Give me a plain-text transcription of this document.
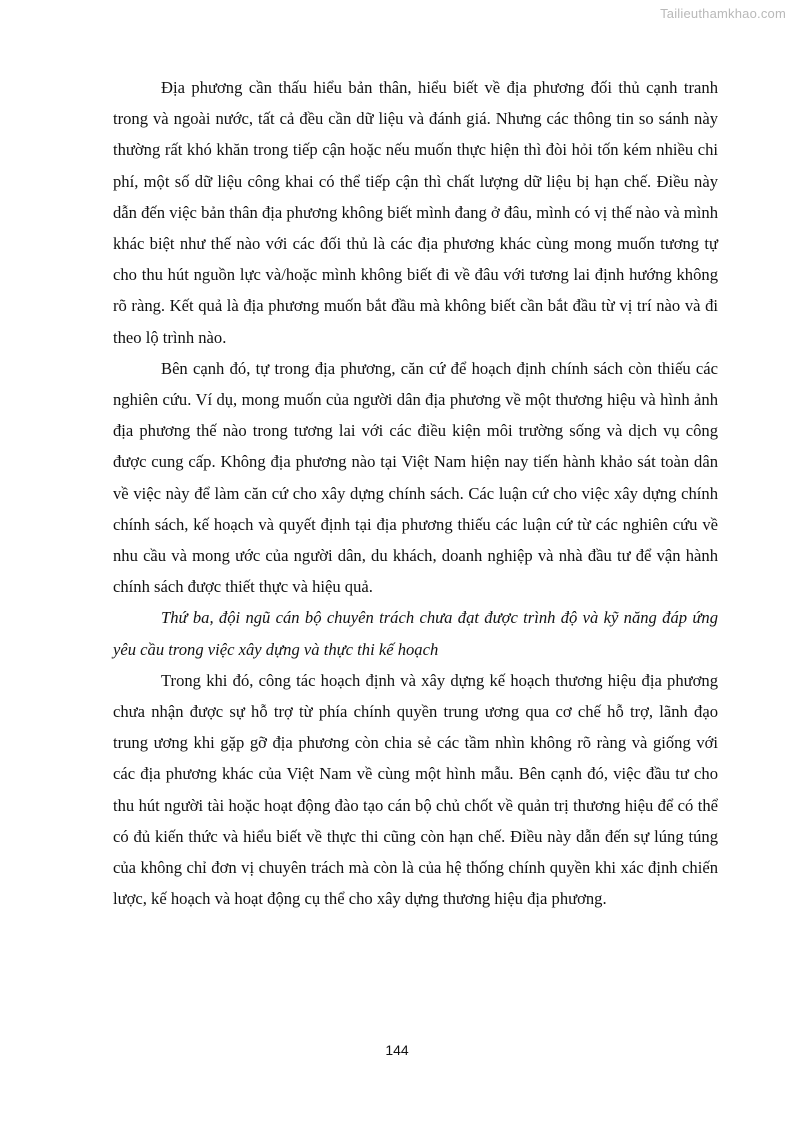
Tailieuthamkhao.com

Địa phương cần thấu hiểu bản thân, hiểu biết về địa phương đối thủ cạnh tranh trong và ngoài nước, tất cả đều cần dữ liệu và đánh giá. Nhưng các thông tin so sánh này thường rất khó khăn trong tiếp cận hoặc nếu muốn thực hiện thì đòi hỏi tốn kém nhiều chi phí, một số dữ liệu công khai có thể tiếp cận thì chất lượng dữ liệu bị hạn chế. Điều này dẫn đến việc bản thân địa phương không biết mình đang ở đâu, mình có vị thế nào và mình khác biệt như thế nào với các đối thủ là các địa phương khác cùng mong muốn tương tự cho thu hút nguồn lực và/hoặc mình không biết đi về đâu với tương lai định hướng không rõ ràng. Kết quả là địa phương muốn bắt đầu mà không biết cần bắt đầu từ vị trí nào và đi theo lộ trình nào.

Bên cạnh đó, tự trong địa phương, căn cứ để hoạch định chính sách còn thiếu các nghiên cứu. Ví dụ, mong muốn của người dân địa phương về một thương hiệu và hình ảnh địa phương thế nào trong tương lai với các điều kiện môi trường sống và dịch vụ công được cung cấp. Không địa phương nào tại Việt Nam hiện nay tiến hành khảo sát toàn dân về việc này để làm căn cứ cho xây dựng chính sách. Các luận cứ cho việc xây dựng chính chính sách, kế hoạch và quyết định tại địa phương thiếu các luận cứ từ các nghiên cứu về nhu cầu và mong ước của người dân, du khách, doanh nghiệp và nhà đầu tư để vận hành chính sách được thiết thực và hiệu quả.

Thứ ba, đội ngũ cán bộ chuyên trách chưa đạt được trình độ và kỹ năng đáp ứng yêu cầu trong việc xây dựng và thực thi kế hoạch

Trong khi đó, công tác hoạch định và xây dựng kế hoạch thương hiệu địa phương chưa nhận được sự hỗ trợ từ phía chính quyền trung ương qua cơ chế hỗ trợ, lãnh đạo trung ương khi gặp gỡ địa phương còn chia sẻ các tầm nhìn không rõ ràng và giống với các địa phương khác của Việt Nam về cùng một hình mẫu. Bên cạnh đó, việc đầu tư cho thu hút người tài hoặc hoạt động đào tạo cán bộ chủ chốt về quản trị thương hiệu để có thể có đủ kiến thức và hiểu biết về thực thi cũng còn hạn chế. Điều này dẫn đến sự lúng túng của không chỉ đơn vị chuyên trách mà còn là của hệ thống chính quyền khi xác định chiến lược, kế hoạch và hoạt động cụ thể cho xây dựng thương hiệu địa phương.

144
